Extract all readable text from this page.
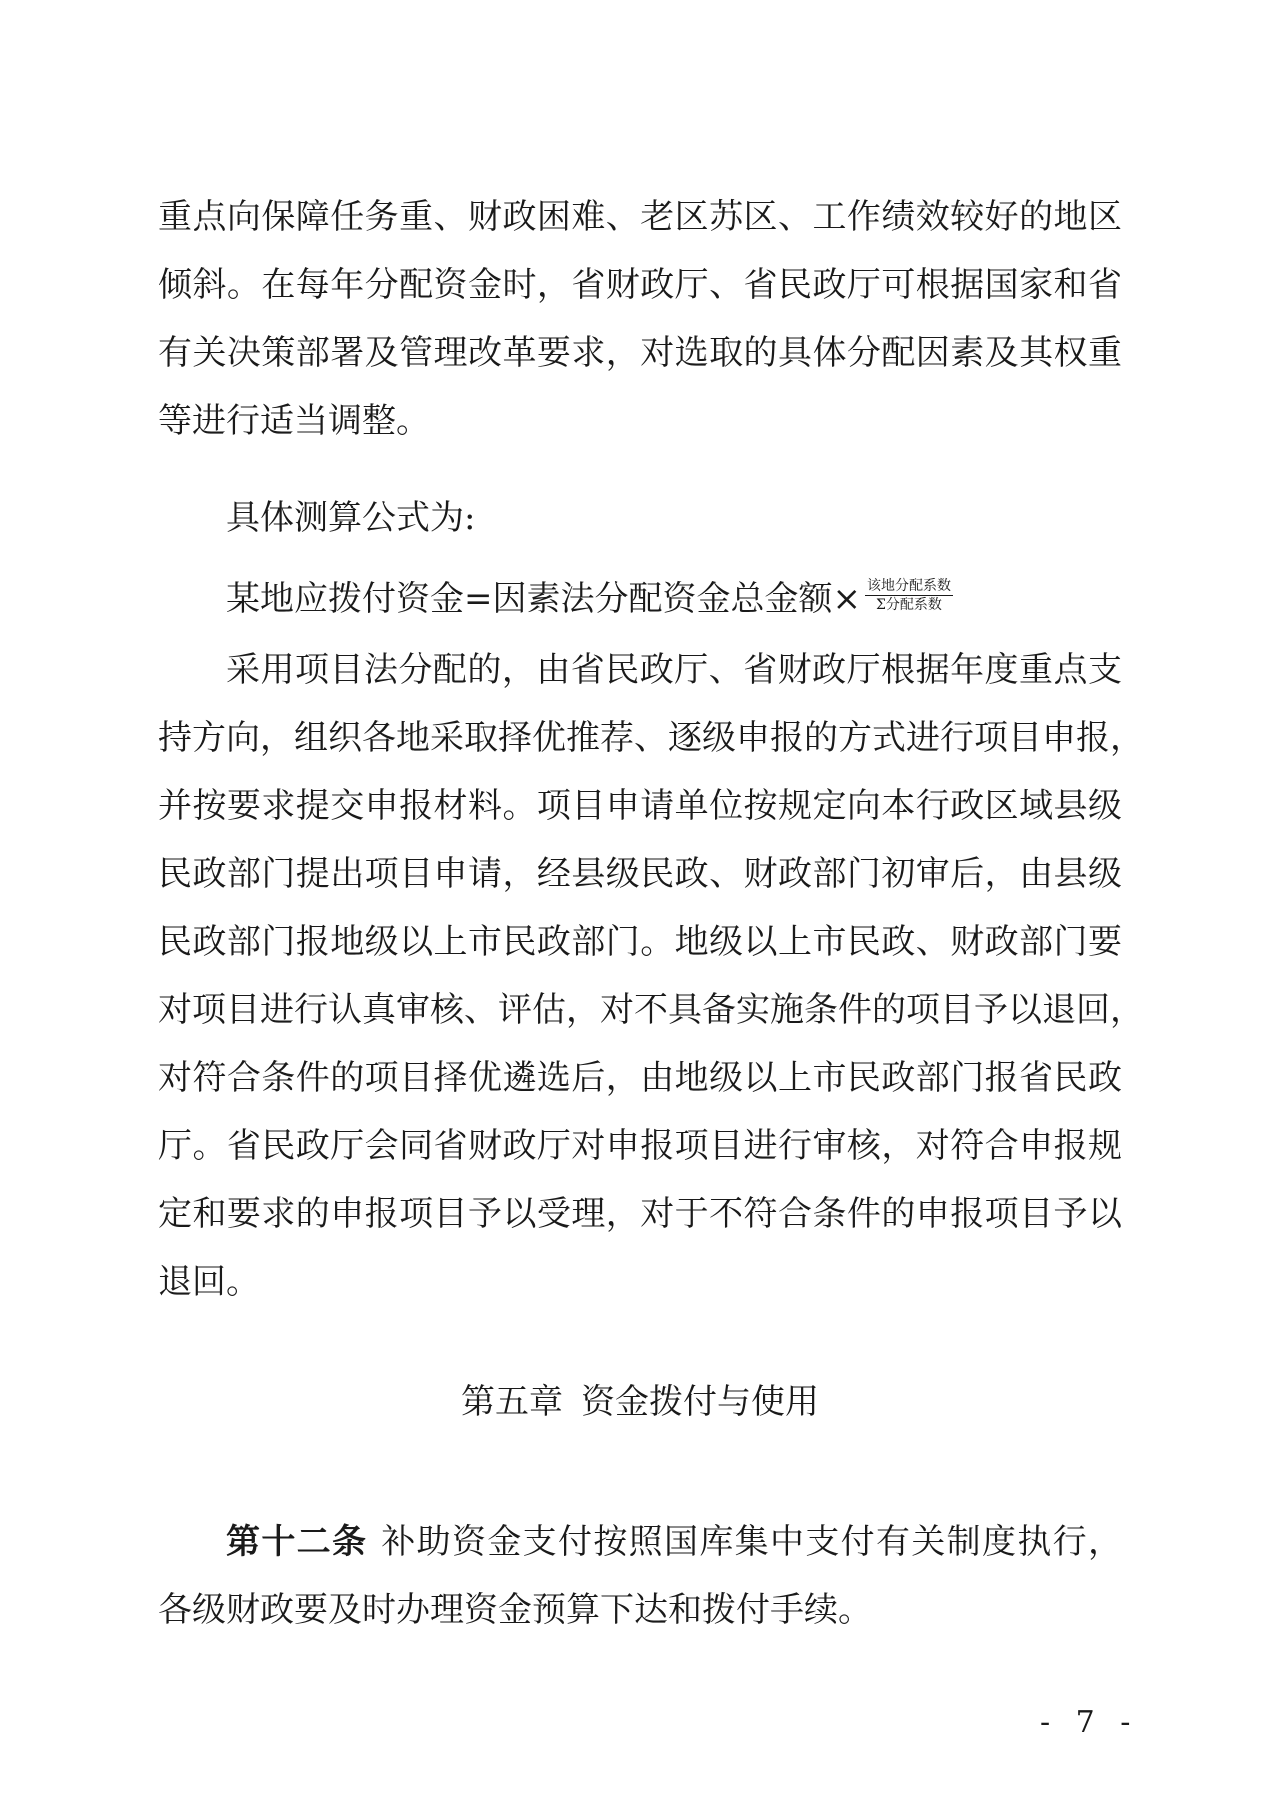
重点向保障任务重、财政困难、老区苏区、工作绩效较好的地区
倾斜。在每年分配资金时，省财政厅、省民政厅可根据国家和省
有关决策部署及管理改革要求，对选取的具体分配因素及其权重
等进行适当调整。
具体测算公式为:
某地应拨付资金=因素法分配资金总金额× $\frac{\text{该地分配系数}}{\text{Σ分配系数}}$
采用项目法分配的，由省民政厅、省财政厅根据年度重点支
持方向，组织各地采取择优推荐、逐级申报的方式进行项目申报，
并按要求提交申报材料。项目申请单位按规定向本行政区域县级
民政部门提出项目申请，经县级民政、财政部门初审后，由县级
民政部门报地级以上市民政部门。地级以上市民政、财政部门要
对项目进行认真审核、评估，对不具备实施条件的项目予以退回，
对符合条件的项目择优遴选后，由地级以上市民政部门报省民政
厅。省民政厅会同省财政厅对申报项目进行审核，对符合申报规
定和要求的申报项目予以受理，对于不符合条件的申报项目予以
退回。
第五章 资金拨付与使用
第十二条 补助资金支付按照国库集中支付有关制度执行，
各级财政要及时办理资金预算下达和拨付手续。
- 7 -
